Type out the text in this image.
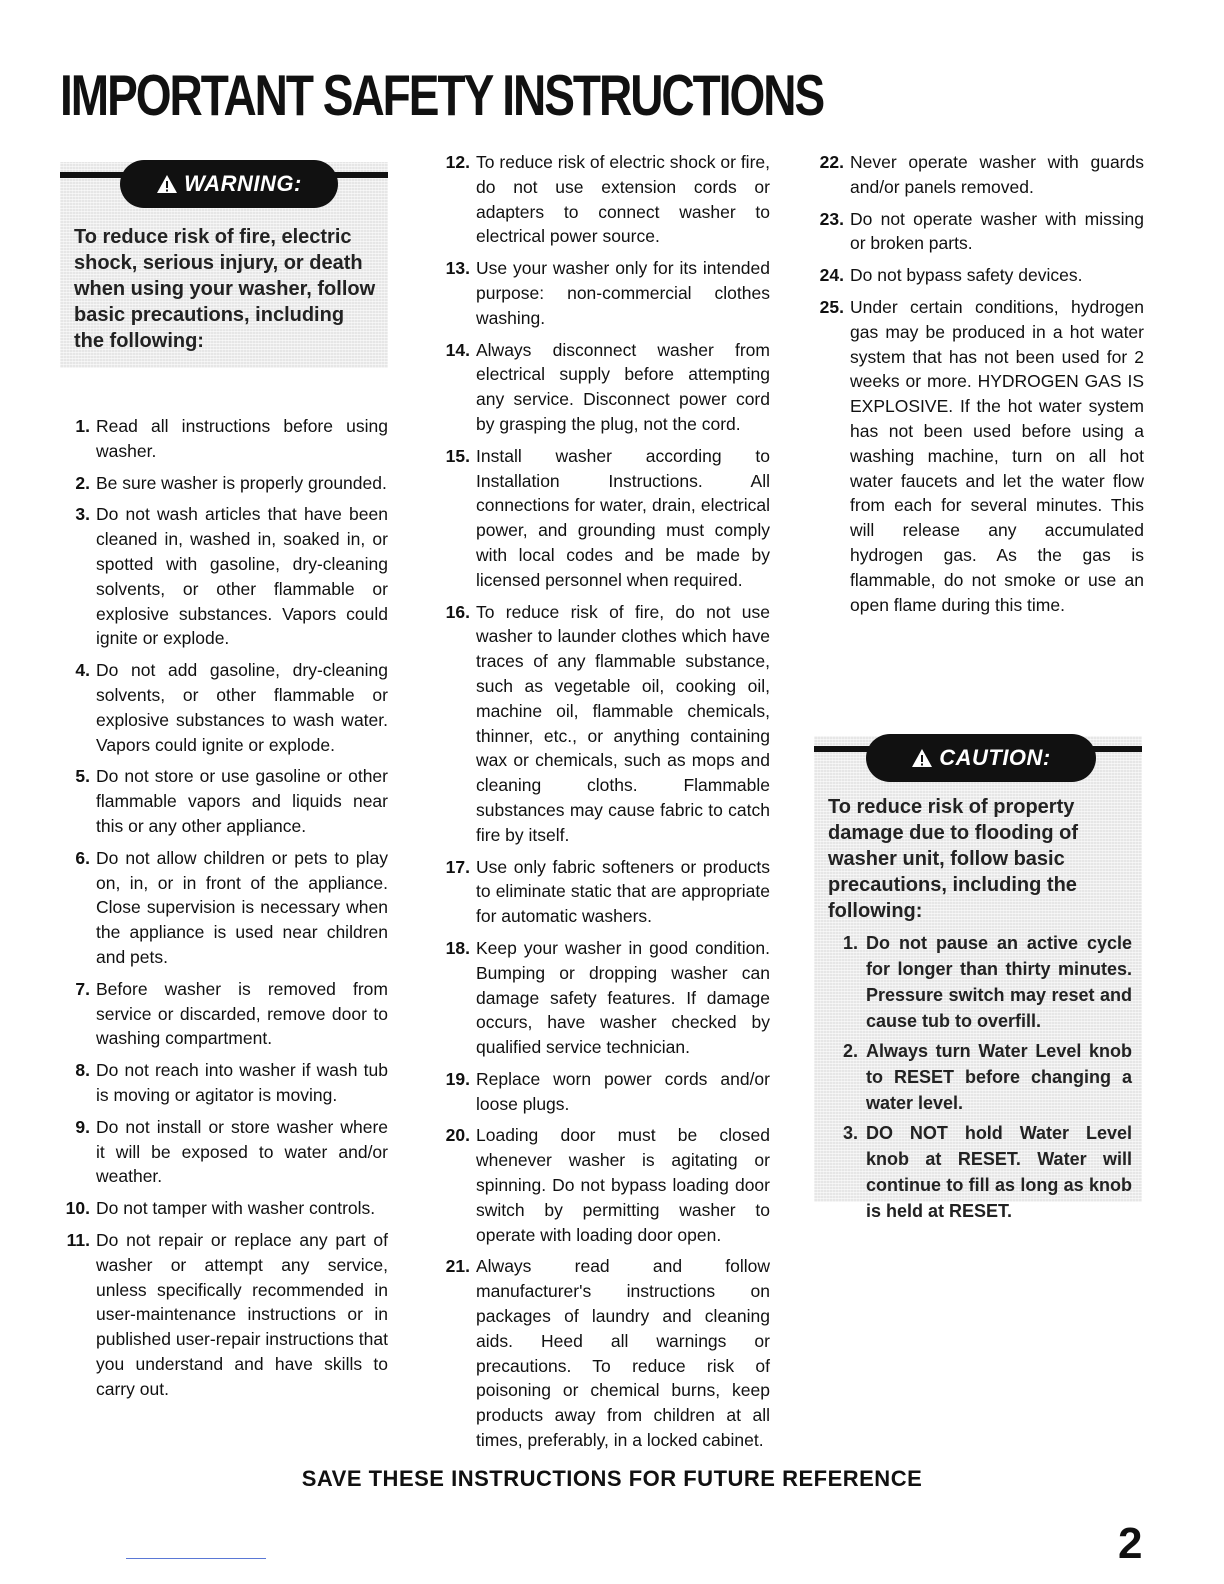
IMPORTANT SAFETY INSTRUCTIONS
WARNING:
To reduce risk of fire, electric shock, serious injury, or death when using your washer, follow basic precautions, including the following:
1. Read all instructions before using washer.
2. Be sure washer is properly grounded.
3. Do not wash articles that have been cleaned in, washed in, soaked in, or spotted with gasoline, dry-cleaning solvents, or other flammable or explosive substances. Vapors could ignite or explode.
4. Do not add gasoline, dry-cleaning solvents, or other flammable or explosive substances to wash water. Vapors could ignite or explode.
5. Do not store or use gasoline or other flammable vapors and liquids near this or any other appliance.
6. Do not allow children or pets to play on, in, or in front of the appliance. Close supervision is necessary when the appliance is used near children and pets.
7. Before washer is removed from service or discarded, remove door to washing compartment.
8. Do not reach into washer if wash tub is moving or agitator is moving.
9. Do not install or store washer where it will be exposed to water and/or weather.
10. Do not tamper with washer controls.
11. Do not repair or replace any part of washer or attempt any service, unless specifically recommended in user-maintenance instructions or in published user-repair instructions that you understand and have skills to carry out.
12. To reduce risk of electric shock or fire, do not use extension cords or adapters to connect washer to electrical power source.
13. Use your washer only for its intended purpose: non-commercial clothes washing.
14. Always disconnect washer from electrical supply before attempting any service. Disconnect power cord by grasping the plug, not the cord.
15. Install washer according to Installation Instructions. All connections for water, drain, electrical power, and grounding must comply with local codes and be made by licensed personnel when required.
16. To reduce risk of fire, do not use washer to launder clothes which have traces of any flammable substance, such as vegetable oil, cooking oil, machine oil, flammable chemicals, thinner, etc., or anything containing wax or chemicals, such as mops and cleaning cloths. Flammable substances may cause fabric to catch fire by itself.
17. Use only fabric softeners or products to eliminate static that are appropriate for automatic washers.
18. Keep your washer in good condition. Bumping or dropping washer can damage safety features. If damage occurs, have washer checked by qualified service technician.
19. Replace worn power cords and/or loose plugs.
20. Loading door must be closed whenever washer is agitating or spinning. Do not bypass loading door switch by permitting washer to operate with loading door open.
21. Always read and follow manufacturer's instructions on packages of laundry and cleaning aids. Heed all warnings or precautions. To reduce risk of poisoning or chemical burns, keep products away from children at all times, preferably, in a locked cabinet.
22. Never operate washer with guards and/or panels removed.
23. Do not operate washer with missing or broken parts.
24. Do not bypass safety devices.
25. Under certain conditions, hydrogen gas may be produced in a hot water system that has not been used for 2 weeks or more. HYDROGEN GAS IS EXPLOSIVE. If the hot water system has not been used before using a washing machine, turn on all hot water faucets and let the water flow from each for several minutes. This will release any accumulated hydrogen gas. As the gas is flammable, do not smoke or use an open flame during this time.
CAUTION:
To reduce risk of property damage due to flooding of washer unit, follow basic precautions, including the following:
1. Do not pause an active cycle for longer than thirty minutes. Pressure switch may reset and cause tub to overfill.
2. Always turn Water Level knob to RESET before changing a water level.
3. DO NOT hold Water Level knob at RESET. Water will continue to fill as long as knob is held at RESET.
SAVE THESE INSTRUCTIONS FOR FUTURE REFERENCE
2
